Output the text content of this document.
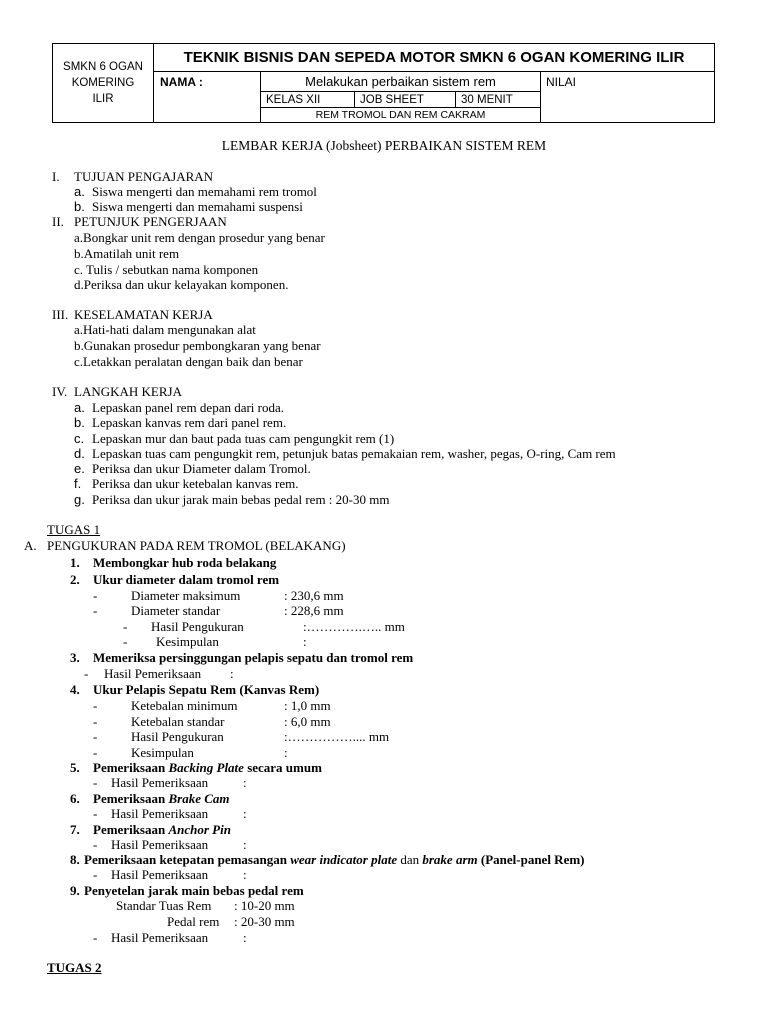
SMKN 6 OGAN
KOMERING
ILIR	TEKNIK BISNIS DAN SEPEDA MOTOR SMKN 6 OGAN KOMERING ILIR				
	NAMA :	Melakukan perbaikan sistem rem			NILAI
		KELAS XII	JOB SHEET	30 MENIT	
		REM TROMOL DAN REM CAKRAM			
LEMBAR KERJA (Jobsheet) PERBAIKAN SISTEM REM
I. TUJUAN PENGAJARAN
a. Siswa mengerti dan memahami rem tromol
b. Siswa mengerti dan memahami suspensi
II. PETUNJUK PENGERJAAN
a.Bongkar unit rem dengan prosedur yang benar
b.Amatilah unit rem
c. Tulis / sebutkan nama komponen
d.Periksa dan ukur kelayakan komponen.
III. KESELAMATAN KERJA
a.Hati-hati dalam mengunakan alat
b.Gunakan prosedur pembongkaran yang benar
c.Letakkan peralatan dengan baik dan benar
IV. LANGKAH KERJA
a. Lepaskan panel rem depan dari roda.
b. Lepaskan kanvas rem dari panel rem.
c. Lepaskan mur dan baut pada tuas cam pengungkit rem (1)
d. Lepaskan tuas cam pengungkit rem, petunjuk batas pemakaian rem, washer, pegas, O-ring, Cam rem
e. Periksa dan ukur Diameter dalam Tromol.
f. Periksa dan ukur ketebalan kanvas rem.
g. Periksa dan ukur jarak main bebas pedal rem : 20-30 mm
TUGAS 1
A. PENGUKURAN PADA REM TROMOL (BELAKANG)
1. Membongkar hub roda belakang
2. Ukur diameter dalam tromol rem
-	Diameter maksimum	: 230,6 mm
-	Diameter standar	: 228,6 mm
- Hasil Pengukuran	:………….….. mm
- Kesimpulan	:
3. Memeriksa persinggungan pelapis sepatu dan tromol rem
- Hasil Pemeriksaan :
4. Ukur Pelapis Sepatu Rem (Kanvas Rem)
-	Ketebalan minimum	: 1,0 mm
-	Ketebalan standar	: 6,0 mm
-	Hasil Pengukuran	:…………….... mm
-	Kesimpulan	:
5. Pemeriksaan Backing Plate secara umum
- Hasil Pemeriksaan	:
6. Pemeriksaan Brake Cam
- Hasil Pemeriksaan	:
7. Pemeriksaan Anchor Pin
- Hasil Pemeriksaan	:
8. Pemeriksaan ketepatan pemasangan wear indicator plate dan brake arm (Panel-panel Rem)
- Hasil Pemeriksaan	:
9. Penyetelan jarak main bebas pedal rem
Standar Tuas Rem : 10-20 mm
Pedal rem : 20-30 mm
- Hasil Pemeriksaan	:
TUGAS 2
